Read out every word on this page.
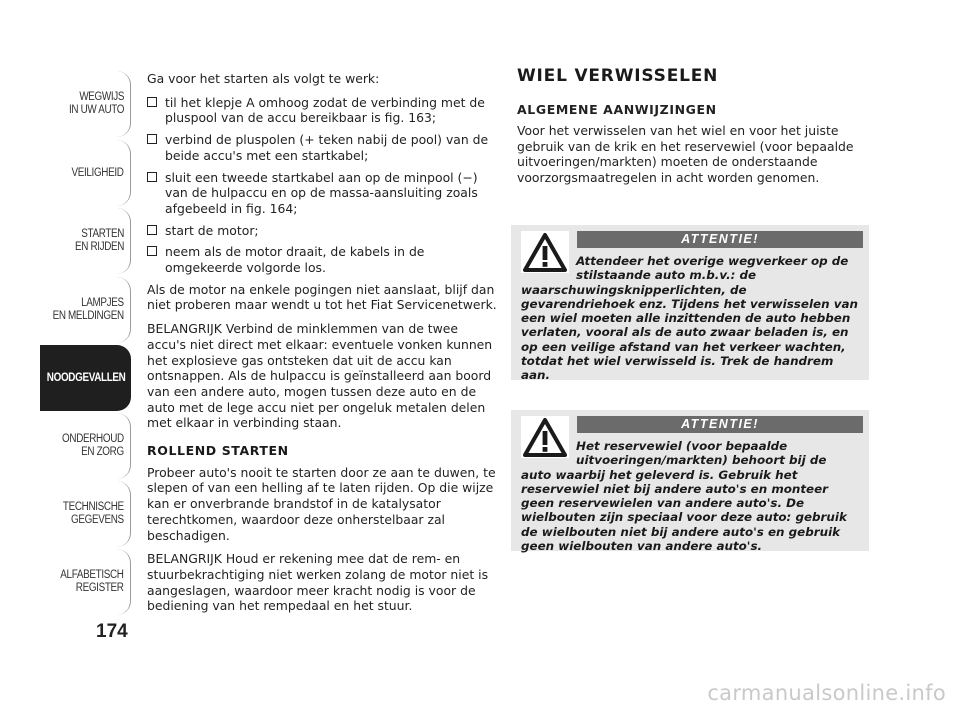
WEGWIJS
IN UW AUTO
VEILIGHEID
STARTEN
EN RIJDEN
LAMPJES
EN MELDINGEN
NOODGEVALLEN
ONDERHOUD
EN ZORG
TECHNISCHE
GEGEVENS
ALFABETISCH
REGISTER
174

Ga voor het starten als volgt te werk:

til het klepje A omhoog zodat de verbinding met de pluspool van de accu bereikbaar is fig. 163;
verbind de pluspolen (+ teken nabij de pool) van de beide accu's met een startkabel;
sluit een tweede startkabel aan op de minpool (−) van de hulpaccu en op de massa-aansluiting zoals afgebeeld in fig. 164;
start de motor;
neem als de motor draait, de kabels in de omgekeerde volgorde los.

Als de motor na enkele pogingen niet aanslaat, blijf dan niet proberen maar wendt u tot het Fiat Servicenetwerk.

BELANGRIJK Verbind de minklemmen van de twee accu's niet direct met elkaar: eventuele vonken kunnen het explosieve gas ontsteken dat uit de accu kan ontsnappen. Als de hulpaccu is geïnstalleerd aan boord van een andere auto, mogen tussen deze auto en de auto met de lege accu niet per ongeluk metalen delen met elkaar in verbinding staan.

ROLLEND STARTEN

Probeer auto's nooit te starten door ze aan te duwen, te slepen of van een helling af te laten rijden. Op die wijze kan er onverbrande brandstof in de katalysator terechtkomen, waardoor deze onherstelbaar zal beschadigen.

BELANGRIJK Houd er rekening mee dat de rem- en stuurbekrachtiging niet werken zolang de motor niet is aangeslagen, waardoor meer kracht nodig is voor de bediening van het rempedaal en het stuur.

WIEL VERWISSELEN
ALGEMENE AANWIJZINGEN

Voor het verwisselen van het wiel en voor het juiste gebruik van de krik en het reservewiel (voor bepaalde uitvoeringen/markten) moeten de onderstaande voorzorgsmaatregelen in acht worden genomen.

ATTENTIE!
Attendeer het overige wegverkeer op de stilstaande auto m.b.v.: de waarschuwingsknipperlichten, de gevarendriehoek enz. Tijdens het verwisselen van een wiel moeten alle inzittenden de auto hebben verlaten, vooral als de auto zwaar beladen is, en op een veilige afstand van het verkeer wachten, totdat het wiel verwisseld is. Trek de handrem aan.
ATTENTIE!
Het reservewiel (voor bepaalde uitvoeringen/markten) behoort bij de auto waarbij het geleverd is. Gebruik het reservewiel niet bij andere auto's en monteer geen reservewielen van andere auto's. De wielbouten zijn speciaal voor deze auto: gebruik de wielbouten niet bij andere auto's en gebruik geen wielbouten van andere auto's.
carmanualsonline.info
